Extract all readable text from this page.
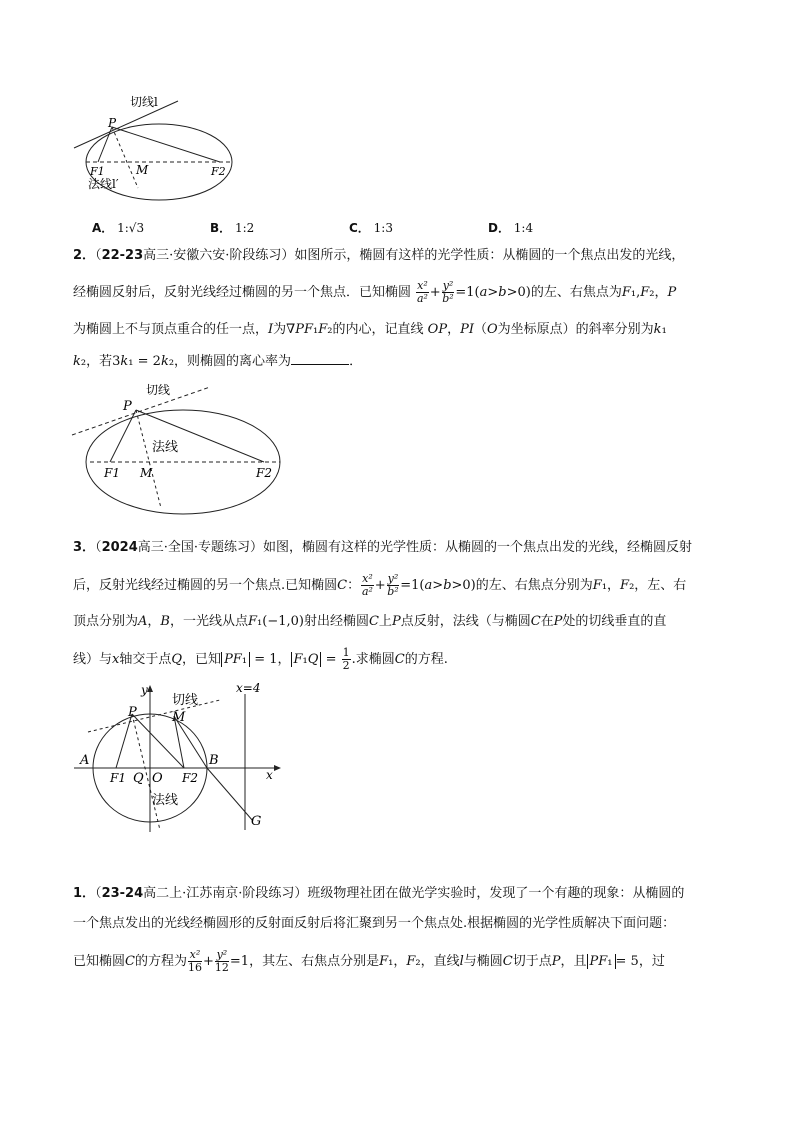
切线l
P
M
F1
法线l′
F2
A． 1:√3	B． 1:2	C． 1:3	D． 1:4
2．（22-23高三·安徽六安·阶段练习）如图所示，椭圆有这样的光学性质：从椭圆的一个焦点出发的光线，
经椭圆反射后，反射光线经过椭圆的另一个焦点．已知椭圆 $\frac{\text{x²}}{\text{a²}} + \frac{\text{y²}}{\text{b²}} =1(a>b>0)$的左、右焦点为F₁,F₂，P
为椭圆上不与顶点重合的任一点，I为∇PF₁F₂的内心，记直线 OP，PI（O为坐标原点）的斜率分别为k₁
k₂，若3k₁ = 2k₂，则椭圆的离心率为	．
切线
P
法线
F1 M	F2
3．（2024高三·全国·专题练习）如图，椭圆有这样的光学性质：从椭圆的一个焦点出发的光线，经椭圆反射
后，反射光线经过椭圆的另一个焦点.已知椭圆C： $\frac{\text{x²}}{\text{a²}} + \frac{\text{y²}}{\text{b²}} =1(a>b>0)$的左、右焦点分别为F₁，F₂，左、右
顶点分别为A，B，一光线从点F₁(−1,0)射出经椭圆C上P点反射，法线（与椭圆C在P处的切线垂直的直
线）与x轴交于点Q，已知 PF₁ = 1， $F_1Q = \frac{1}{2}$ .求椭圆C的方程.
y
切线
x=4
P	M
A	B
F1 Q O F2	x
法线
G
1．（23-24高二上·江苏南京·阶段练习）班级物理社团在做光学实验时，发现了一个有趣的现象：从椭圆的
一个焦点发出的光线经椭圆形的反射面反射后将汇聚到另一个焦点处.根据椭圆的光学性质解决下面问题：
已知椭圆C的方程为 $\frac{\text{x²}}{16} + \frac{\text{y²}}{12} =1$，其左、右焦点分别是F₁，F₂，直线l与椭圆C切于点P，且 PF₁ = 5，过
